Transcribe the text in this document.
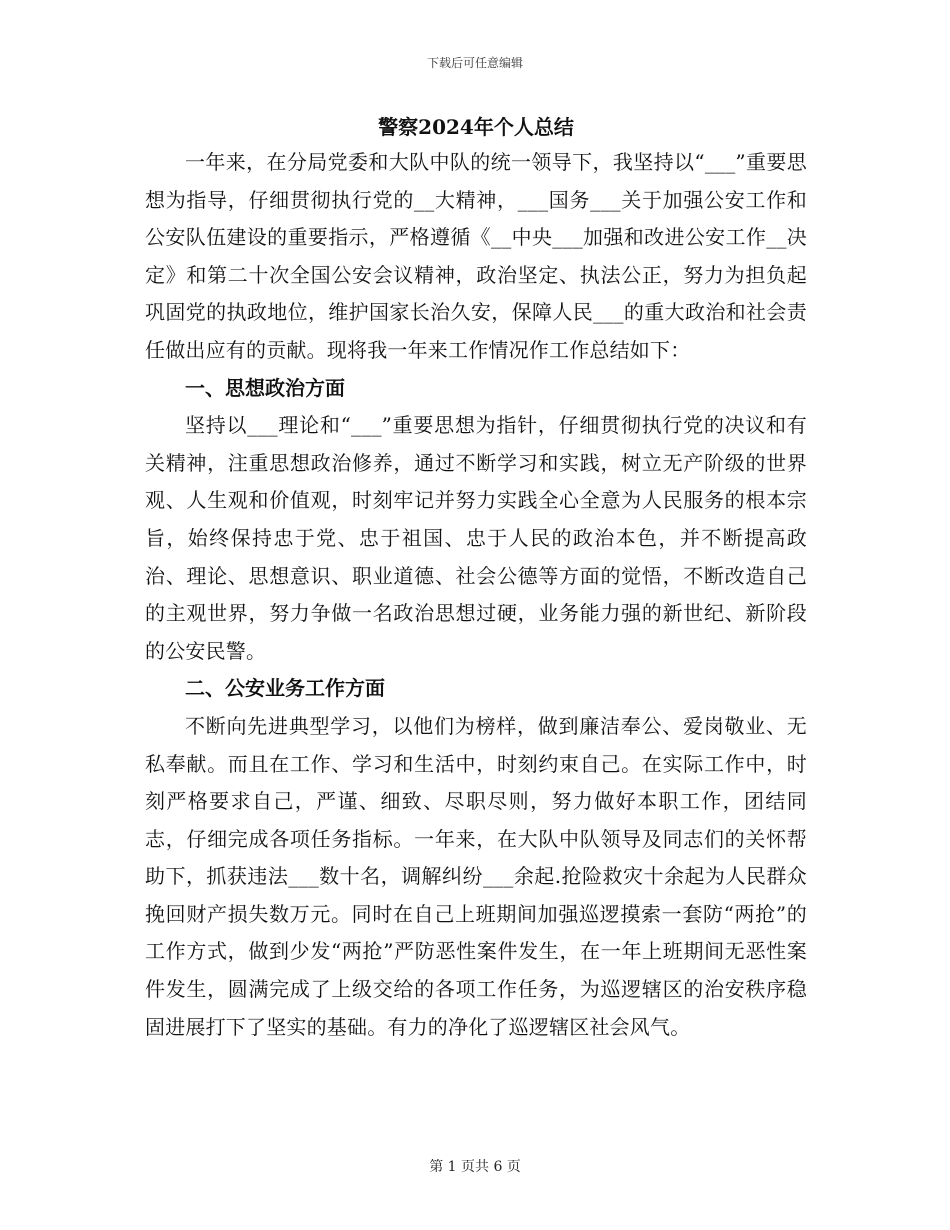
下载后可任意编辑
警察2024年个人总结

一年来，在分局党委和大队中队的统一领导下，我坚持以“___”重要思想为指导，仔细贯彻执行党的__大精神，___国务___关于加强公安工作和公安队伍建设的重要指示，严格遵循《__中央___加强和改进公安工作__决定》和第二十次全国公安会议精神，政治坚定、执法公正，努力为担负起巩固党的执政地位，维护国家长治久安，保障人民___的重大政治和社会责任做出应有的贡献。现将我一年来工作情况作工作总结如下：

一、思想政治方面

坚持以___理论和“___”重要思想为指针，仔细贯彻执行党的决议和有关精神，注重思想政治修养，通过不断学习和实践，树立无产阶级的世界观、人生观和价值观，时刻牢记并努力实践全心全意为人民服务的根本宗旨，始终保持忠于党、忠于祖国、忠于人民的政治本色，并不断提高政治、理论、思想意识、职业道德、社会公德等方面的觉悟，不断改造自己的主观世界，努力争做一名政治思想过硬，业务能力强的新世纪、新阶段的公安民警。

二、公安业务工作方面

不断向先进典型学习，以他们为榜样，做到廉洁奉公、爱岗敬业、无私奉献。而且在工作、学习和生活中，时刻约束自己。在实际工作中，时刻严格要求自己，严谨、细致、尽职尽则，努力做好本职工作，团结同志，仔细完成各项任务指标。一年来，在大队中队领导及同志们的关怀帮助下，抓获违法___数十名，调解纠纷___余起.抢险救灾十余起为人民群众挽回财产损失数万元。同时在自己上班期间加强巡逻摸索一套防“两抢”的工作方式，做到少发“两抢”严防恶性案件发生，在一年上班期间无恶性案件发生，圆满完成了上级交给的各项工作任务，为巡逻辖区的治安秩序稳固进展打下了坚实的基础。有力的净化了巡逻辖区社会风气。

第 1 页共 6 页
